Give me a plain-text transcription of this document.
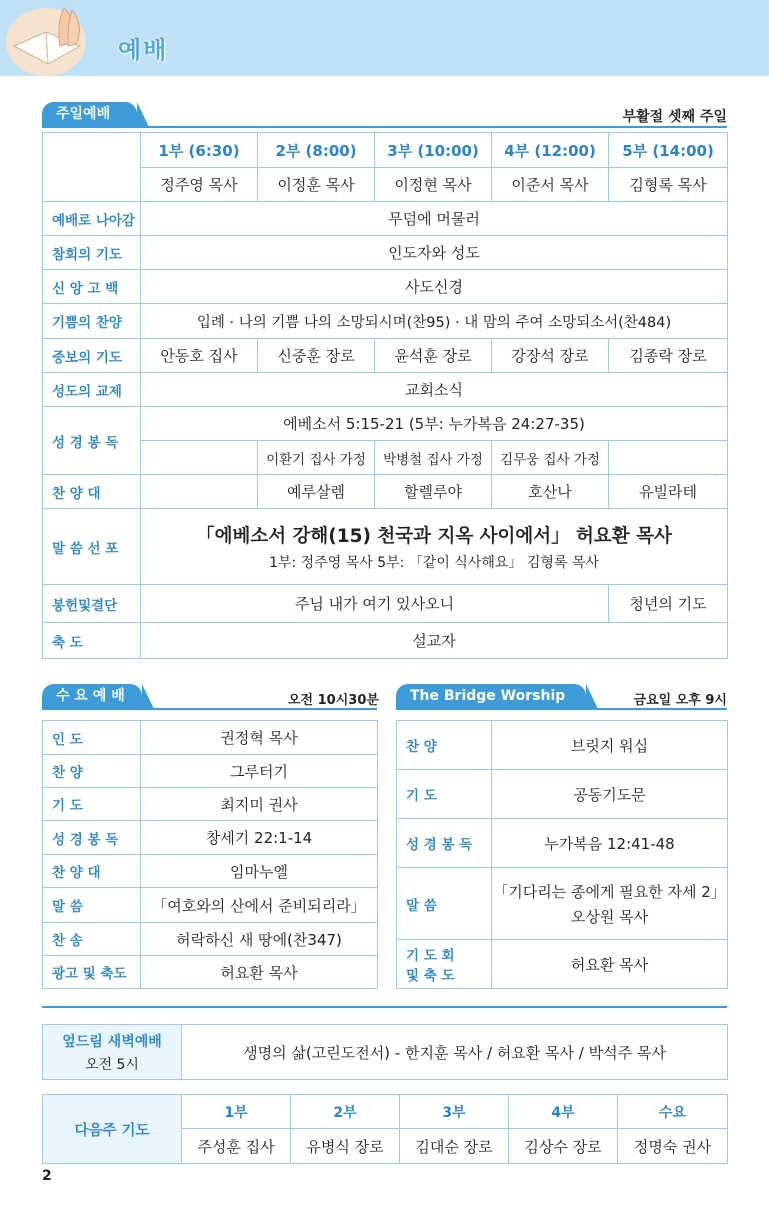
예배
주일예배	부활절 셋째 주일
	1부 (6:30)	2부 (8:00)	3부 (10:00)	4부 (12:00)	5부 (14:00)
	정주영 목사	이정훈 목사	이정현 목사	이준서 목사	김형록 목사
예배로 나아감	무덤에 머물러				
참회의 기도	인도자와 성도				
신 앙 고 백	사도신경				
기쁨의 찬양	입례 · 나의 기쁨 나의 소망되시며(찬95) · 내 맘의 주여 소망되소서(찬484)				
중보의 기도	안동호 집사	신중훈 장로	윤석훈 장로	강장석 장로	김종락 장로
성도의 교제	교회소식				
성 경 봉 독	에베소서 5:15-21 (5부: 누가복음 24:27-35)				
		이환기 집사 가정	박병철 집사 가정	김무웅 집사 가정	
찬 양 대		예루살렘	할렐루야	호산나	유빌라테
말 씀 선 포	「에베소서 강해(15) 천국과 지옥 사이에서」 허요환 목사
1부: 정주영 목사 5부: 「같이 식사해요」 김형록 목사				

봉헌및결단	주님 내가 여기 있사오니				청년의 기도
축 도	설교자				
수 요 예 배	오전 10시30분
인 도	권정혁 목사
찬 양	그루터기
기 도	최지미 권사
성 경 봉 독	창세기 22:1-14
찬 양 대	임마누엘
말 씀	「여호와의 산에서 준비되리라」
찬 송	허락하신 새 땅에(찬347)
광고 및 축도	허요환 목사
The Bridge Worship	금요일 오후 9시
찬 양	브릿지 워십
기 도	공동기도문
성 경 봉 독	누가복음 12:41-48
말 씀	「기다리는 종에게 필요한 자세 2」
오상원 목사

기 도 회
및 축 도	허요환 목사
엎드림 새벽예배
오전 5시
	생명의 삶(고린도전서) - 한지훈 목사 / 허요환 목사 / 박석주 목사
다음주 기도	1부	2부	3부	4부	수요
	주성훈 집사	유병식 장로	김대순 장로	김상수 장로	정명숙 권사
2
